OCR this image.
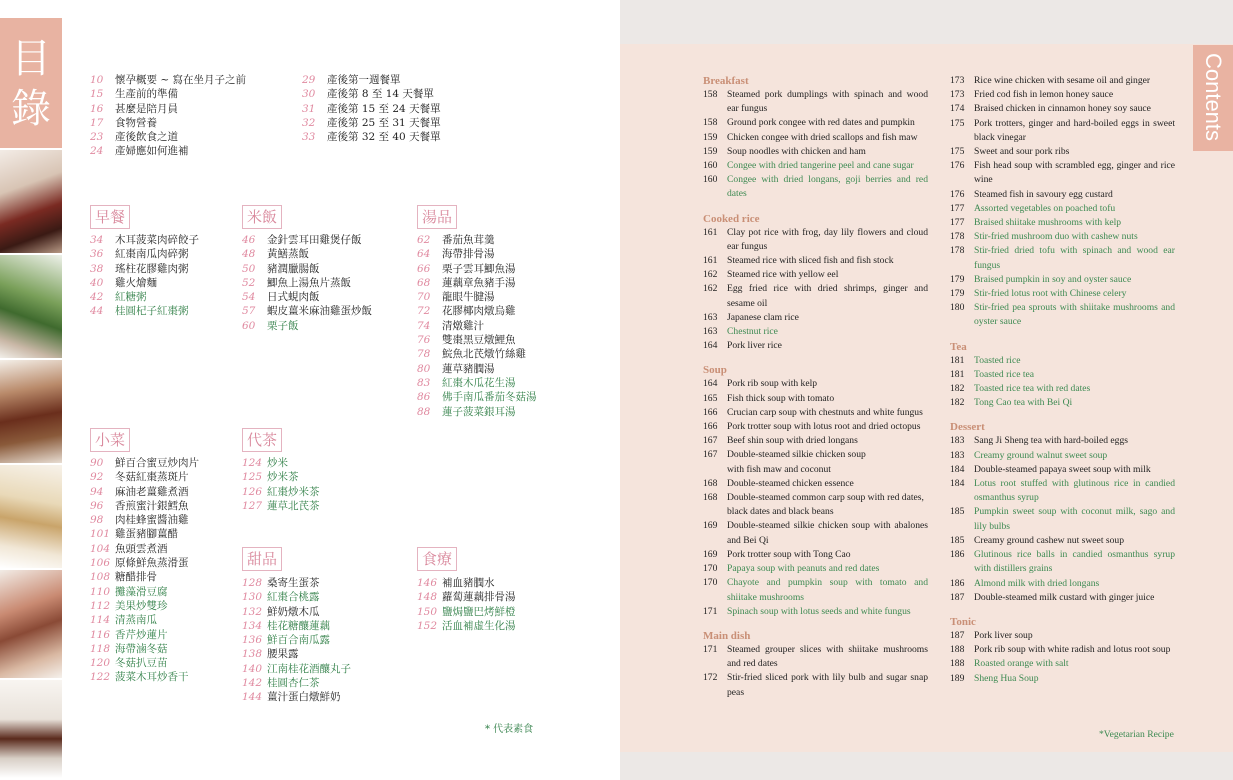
目錄
10 懷孕概要 ~ 寫在坐月子之前
15 生產前的準備
16 甚麼是陪月員
17 食物營養
23 產後飲食之道
24 產婦應如何進補
29 產後第一週餐單
30 產後第 8 至 14 天餐單
31 產後第 15 至 24 天餐單
32 產後第 25 至 31 天餐單
33 產後第 32 至 40 天餐單
早餐
34 木耳菠菜肉碎餃子
36 紅棗南瓜肉碎粥
38 瑤柱花膠雞肉粥
40 雞火燴麵
42 紅糖粥
44 桂圓杞子紅棗粥
米飯
46 金針雲耳田雞煲仔飯
48 黃鱔蒸飯
50 豬潤臘腸飯
52 鯽魚上湯魚片蒸飯
54 日式蜆肉飯
57 蝦皮薑米麻油雞蛋炒飯
60 栗子飯
湯品
62 番茄魚茸羹
64 海帶排骨湯
66 栗子雲耳鯽魚湯
68 蓮藕章魚豬手湯
70 龍眼牛腱湯
72 花膠椰肉燉烏雞
74 清燉雞汁
76 雙棗黑豆燉鯉魚
78 鯇魚北芪燉竹絲雞
80 蓮草豬膶湯
83 紅棗木瓜花生湯
86 佛手南瓜番茄冬菇湯
88 蓮子菠菜銀耳湯
小菜
90 鮮百合蜜豆炒肉片
92 冬菇紅棗蒸斑片
94 麻油老薑雞煮酒
96 香煎蜜汁銀鱈魚
98 肉桂蜂蜜醬油雞
101 雞蛋豬腳薑醋
104 魚頭雲煮酒
106 原條鮮魚蒸滑蛋
108 糖醋排骨
110 攤藻滑豆腐
112 美果炒雙珍
114 清蒸南瓜
116 香芹炒蓮片
118 海帶滷冬菇
120 冬菇扒豆苗
122 菠菜木耳炒香干
代茶
124 炒米
125 炒米茶
126 紅棗炒米茶
127 蓮草北芪茶
甜品
128 桑寄生蛋茶
130 紅棗合桃露
132 鮮奶燉木瓜
134 桂花糖釀蓮藕
136 鮮百合南瓜露
138 腰果露
140 江南桂花酒釀丸子
142 桂圓杏仁茶
144 薑汁蛋白燉鮮奶
食療
146 補血豬膶水
148 蘿蔔蓮藕排骨湯
150 鹽焗鹽巴烤鮮橙
152 活血補虛生化湯
* 代表素食
Contents
Breakfast
158	Steamed pork dumplings with spinach and wood ear fungus
158	Ground pork congee with red dates and pumpkin
159	Chicken congee with dried scallops and fish maw
159	Soup noodles with chicken and ham
160	Congee with dried tangerine peel and cane sugar
160	Congee with dried longans, goji berries and red dates
Cooked rice
161	Clay pot rice with frog, day lily flowers and cloud ear fungus
161	Steamed rice with sliced fish and fish stock
162	Steamed rice with yellow eel
162	Egg fried rice with dried shrimps, ginger and sesame oil
163	Japanese clam rice
163	Chestnut rice
164	Pork liver rice
Soup
164	Pork rib soup with kelp
165	Fish thick soup with tomato
166	Crucian carp soup with chestnuts and white fungus
166	Pork trotter soup with lotus root and dried octopus
167	Beef shin soup with dried longans
167	Double-steamed silkie chicken soup
with fish maw and coconut
168	Double-steamed chicken essence
168	Double-steamed common carp soup with red dates,
black dates and black beans
169	Double-steamed silkie chicken soup with abalones and Bei Qi
169	Pork trotter soup with Tong Cao
170	Papaya soup with peanuts and red dates
170	Chayote and pumpkin soup with tomato and shiitake mushrooms
171	Spinach soup with lotus seeds and white fungus
Main dish
171	Steamed grouper slices with shiitake mushrooms and red dates
172	Stir-fried sliced pork with lily bulb and sugar snap peas
173	Rice wine chicken with sesame oil and ginger
173	Fried cod fish in lemon honey sauce
174	Braised chicken in cinnamon honey soy sauce
175	Pork trotters, ginger and hard-boiled eggs in sweet black vinegar
175	Sweet and sour pork ribs
176	Fish head soup with scrambled egg, ginger and rice wine
176	Steamed fish in savoury egg custard
177	Assorted vegetables on poached tofu
177	Braised shiitake mushrooms with kelp
178	Stir-fried mushroom duo with cashew nuts
178	Stir-fried dried tofu with spinach and wood ear fungus
179	Braised pumpkin in soy and oyster sauce
179	Stir-fried lotus root with Chinese celery
180	Stir-fried pea sprouts with shiitake mushrooms and oyster sauce
Tea
181	Toasted rice
181	Toasted rice tea
182	Toasted rice tea with red dates
182	Tong Cao tea with Bei Qi
Dessert
183	Sang Ji Sheng tea with hard-boiled eggs
183	Creamy ground walnut sweet soup
184	Double-steamed papaya sweet soup with milk
184	Lotus root stuffed with glutinous rice in candied osmanthus syrup
185	Pumpkin sweet soup with coconut milk, sago and lily bulbs
185	Creamy ground cashew nut sweet soup
186	Glutinous rice balls in candied osmanthus syrup with distillers grains
186	Almond milk with dried longans
187	Double-steamed milk custard with ginger juice
Tonic
187	Pork liver soup
188	Pork rib soup with white radish and lotus root soup
188	Roasted orange with salt
189	Sheng Hua Soup
*Vegetarian Recipe
